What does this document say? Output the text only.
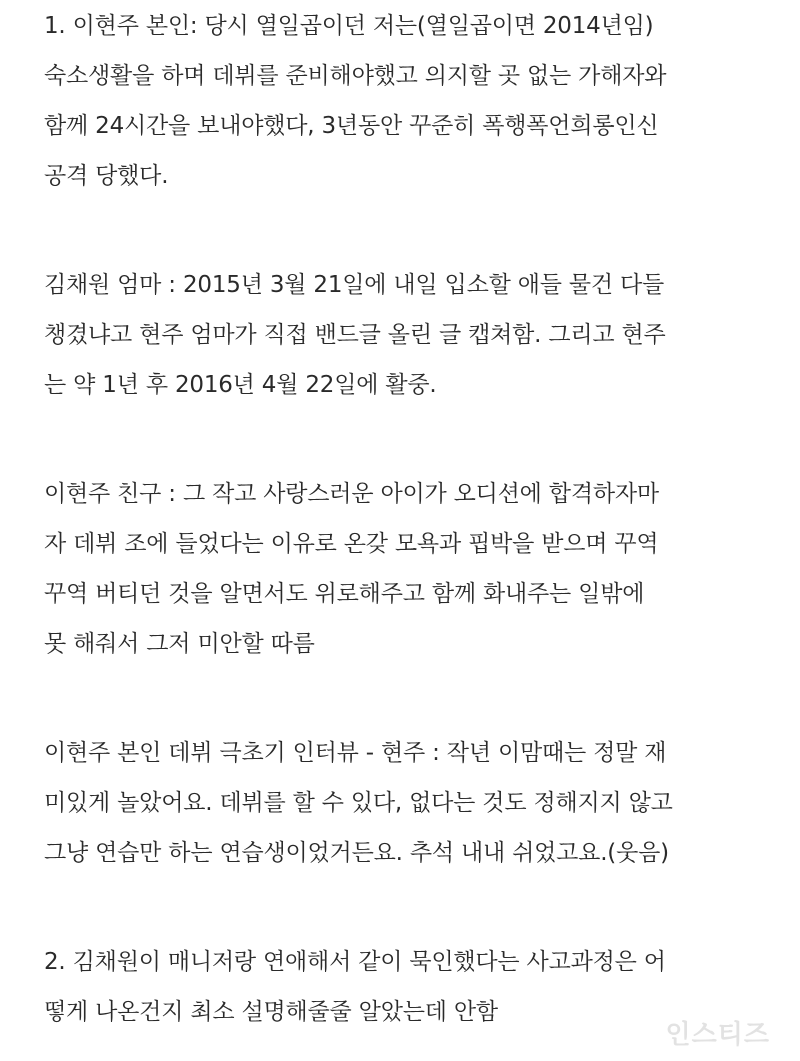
1. 이현주 본인: 당시 열일곱이던 저는(열일곱이면 2014년임)
숙소생활을 하며 데뷔를 준비해야했고 의지할 곳 없는 가해자와
함께 24시간을 보내야했다, 3년동안 꾸준히 폭행폭언희롱인신
공격 당했다.
김채원 엄마 : 2015년 3월 21일에 내일 입소할 애들 물건 다들
챙겼냐고 현주 엄마가 직접 밴드글 올린 글 캡쳐함. 그리고 현주
는 약 1년 후 2016년 4월 22일에 활중.
이현주 친구 : 그 작고 사랑스러운 아이가 오디션에 합격하자마
자 데뷔 조에 들었다는 이유로 온갖 모욕과 핍박을 받으며 꾸역
꾸역 버티던 것을 알면서도 위로해주고 함께 화내주는 일밖에
못 해줘서 그저 미안할 따름
이현주 본인 데뷔 극초기 인터뷰 - 현주 : 작년 이맘때는 정말 재
미있게 놀았어요. 데뷔를 할 수 있다, 없다는 것도 정해지지 않고
그냥 연습만 하는 연습생이었거든요. 추석 내내 쉬었고요.(웃음)
2. 김채원이 매니저랑 연애해서 같이 묵인했다는 사고과정은 어
떻게 나온건지 최소 설명해줄줄 알았는데 안함
인스티즈
